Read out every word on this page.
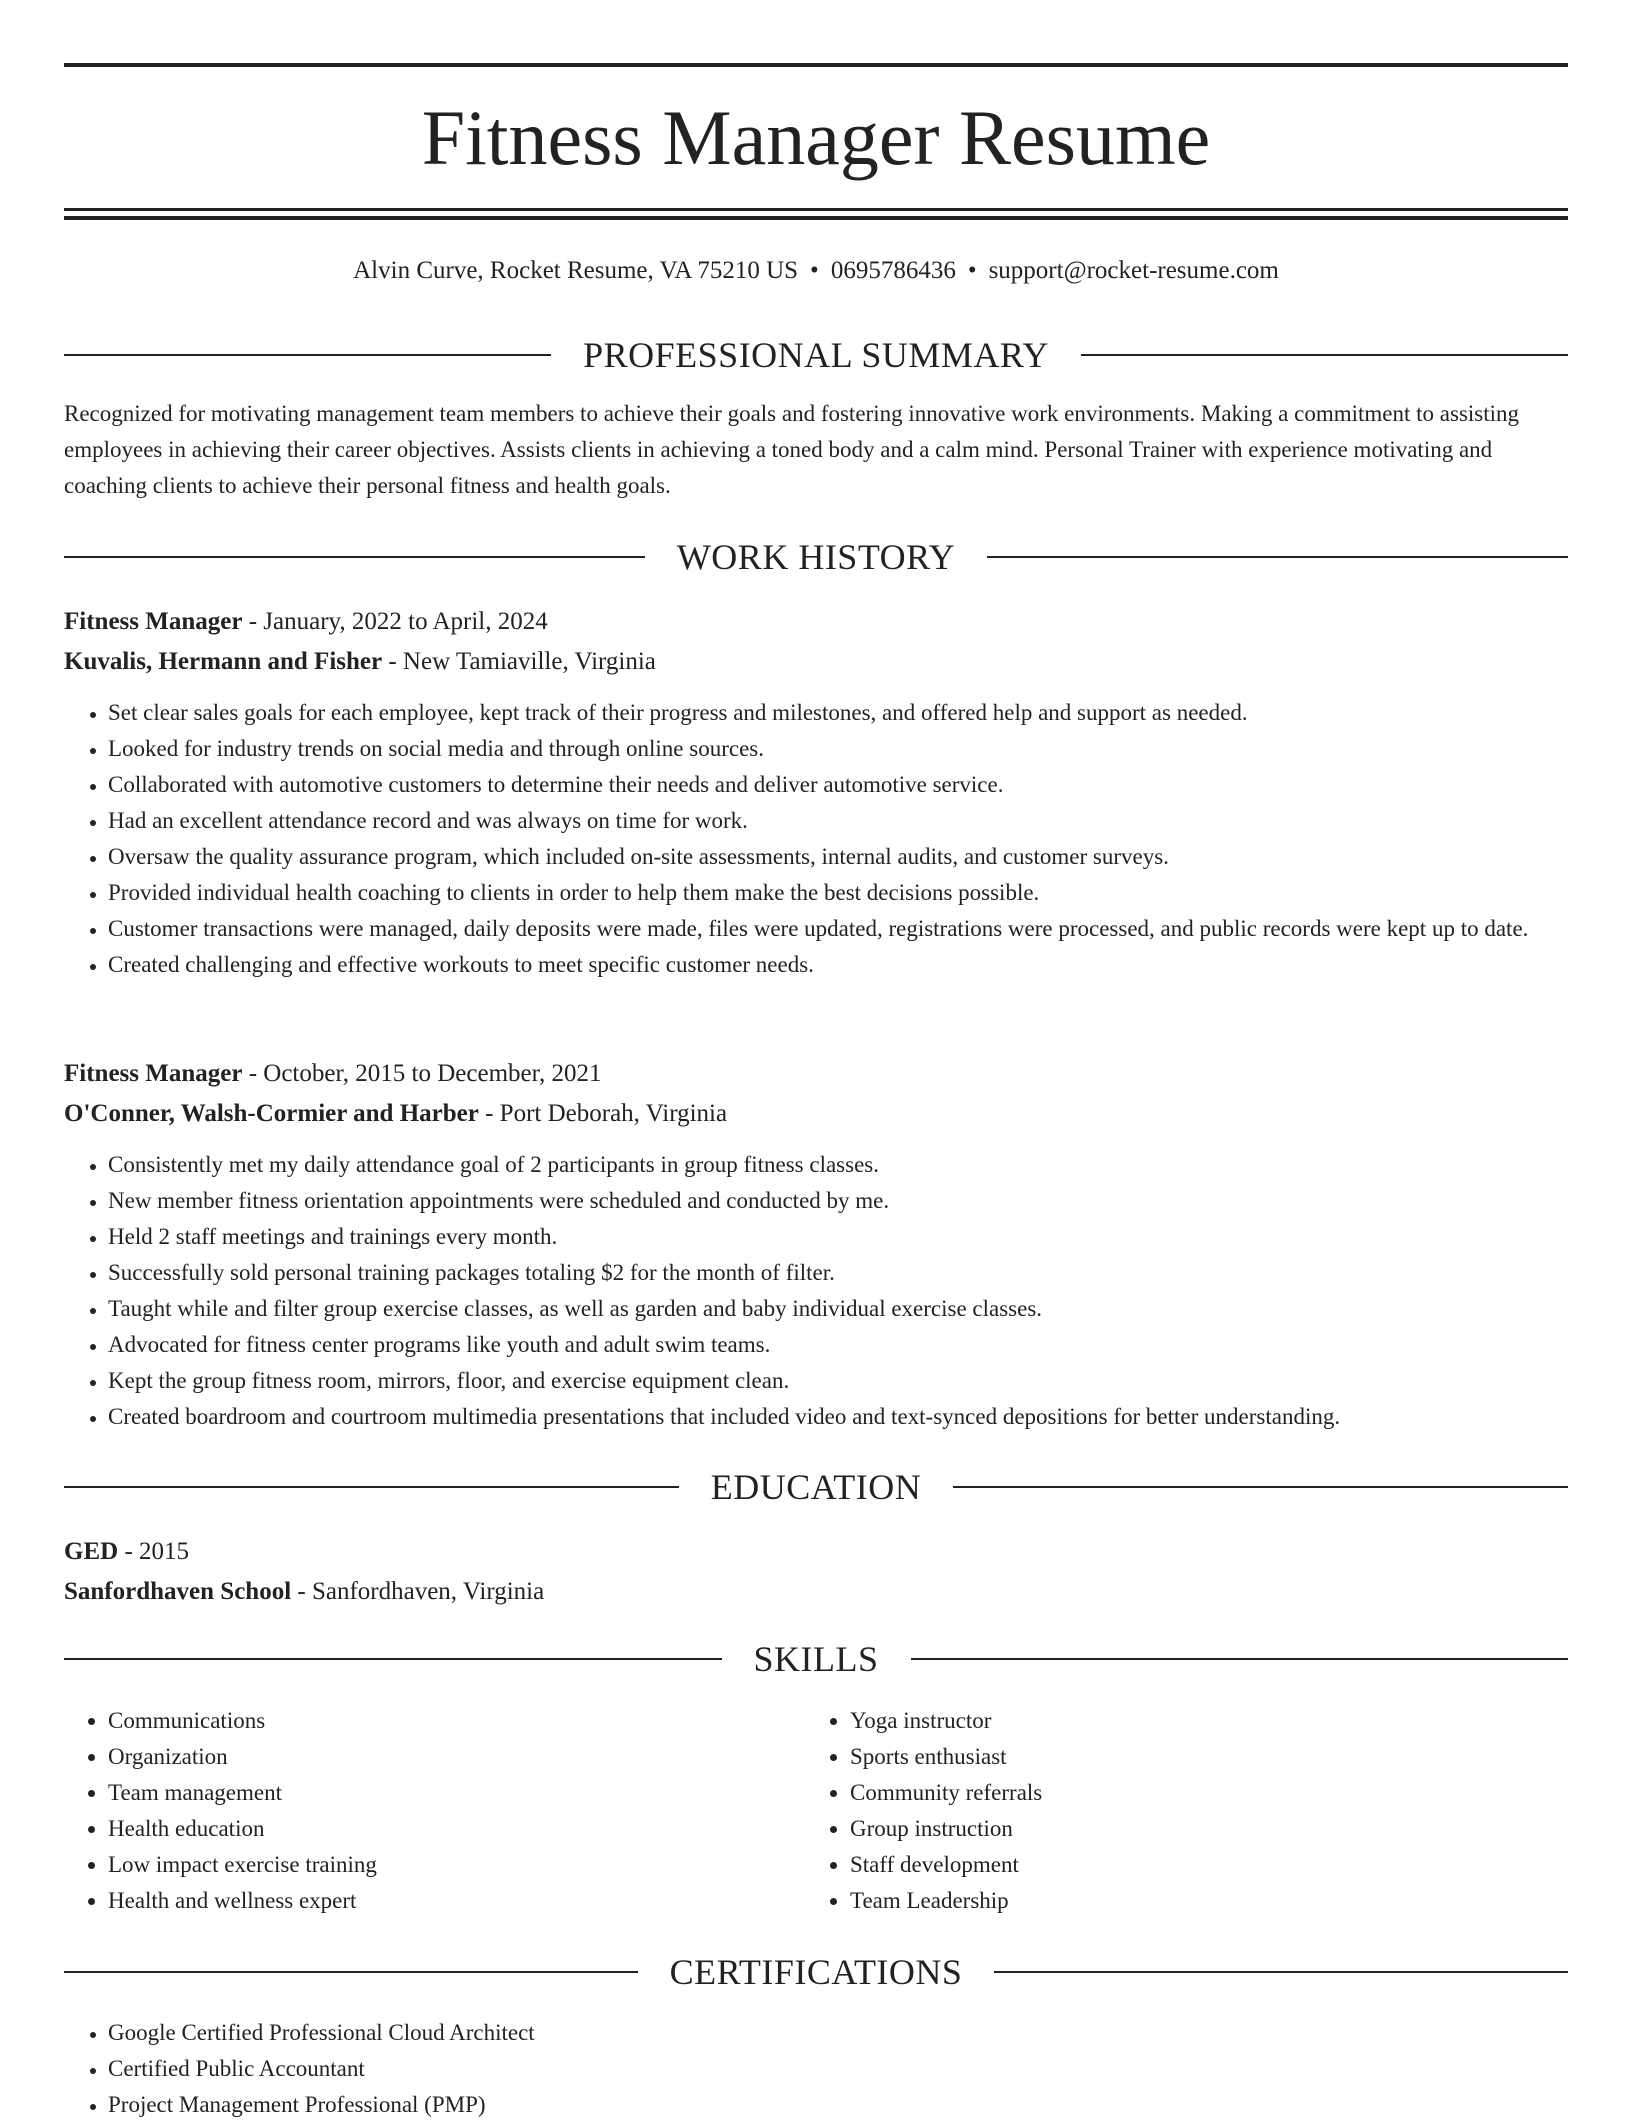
Fitness Manager Resume
Alvin Curve, Rocket Resume, VA 75210 US • 0695786436 • support@rocket-resume.com
PROFESSIONAL SUMMARY

Recognized for motivating management team members to achieve their goals and fostering innovative work environments. Making a commitment to assisting employees in achieving their career objectives. Assists clients in achieving a toned body and a calm mind. Personal Trainer with experience motivating and coaching clients to achieve their personal fitness and health goals.

WORK HISTORY
Fitness Manager - January, 2022 to April, 2024
Kuvalis, Hermann and Fisher - New Tamiaville, Virginia
• Set clear sales goals for each employee, kept track of their progress and milestones, and offered help and support as needed.
• Looked for industry trends on social media and through online sources.
• Collaborated with automotive customers to determine their needs and deliver automotive service.
• Had an excellent attendance record and was always on time for work.
• Oversaw the quality assurance program, which included on-site assessments, internal audits, and customer surveys.
• Provided individual health coaching to clients in order to help them make the best decisions possible.
• Customer transactions were managed, daily deposits were made, files were updated, registrations were processed, and public records were kept up to date.
• Created challenging and effective workouts to meet specific customer needs.
Fitness Manager - October, 2015 to December, 2021
O'Conner, Walsh-Cormier and Harber - Port Deborah, Virginia
• Consistently met my daily attendance goal of 2 participants in group fitness classes.
• New member fitness orientation appointments were scheduled and conducted by me.
• Held 2 staff meetings and trainings every month.
• Successfully sold personal training packages totaling $2 for the month of filter.
• Taught while and filter group exercise classes, as well as garden and baby individual exercise classes.
• Advocated for fitness center programs like youth and adult swim teams.
• Kept the group fitness room, mirrors, floor, and exercise equipment clean.
• Created boardroom and courtroom multimedia presentations that included video and text-synced depositions for better understanding.
EDUCATION
GED - 2015
Sanfordhaven School - Sanfordhaven, Virginia
SKILLS
• Communications
• Organization
• Team management
• Health education
• Low impact exercise training
• Health and wellness expert
• Yoga instructor
• Sports enthusiast
• Community referrals
• Group instruction
• Staff development
• Team Leadership
CERTIFICATIONS
• Google Certified Professional Cloud Architect
• Certified Public Accountant
• Project Management Professional (PMP)
